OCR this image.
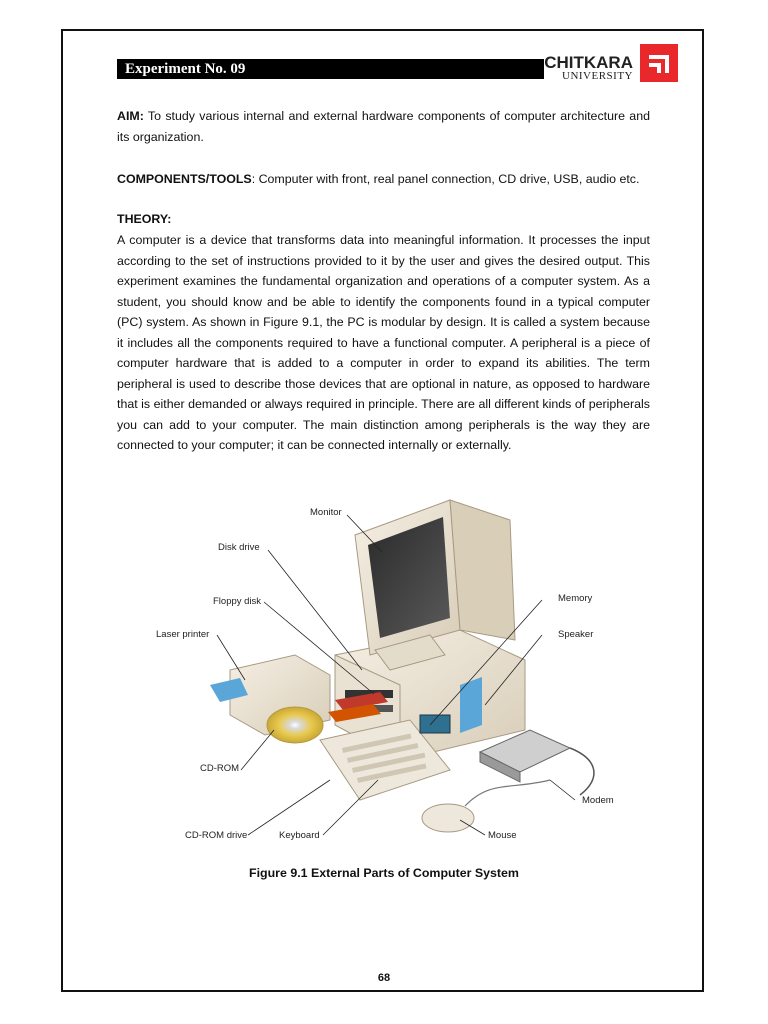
Experiment No. 09	CHITKARA
UNIVERSITY
AIM: To study various internal and external hardware components of computer architecture and its organization.
COMPONENTS/TOOLS: Computer with front, real panel connection, CD drive, USB, audio etc.
THEORY:
A computer is a device that transforms data into meaningful information. It processes the input according to the set of instructions provided to it by the user and gives the desired output. This experiment examines the fundamental organization and operations of a computer system. As a student, you should know and be able to identify the components found in a typical computer (PC) system. As shown in Figure 9.1, the PC is modular by design. It is called a system because it includes all the components required to have a functional computer. A peripheral is a piece of computer hardware that is added to a computer in order to expand its abilities. The term peripheral is used to describe those devices that are optional in nature, as opposed to hardware that is either demanded or always required in principle. There are all different kinds of peripherals you can add to your computer. The main distinction among peripherals is the way they are connected to your computer; it can be connected internally or externally.
Monitor
Disk drive
Floppy disk
Laser printer
CD-ROM
CD-ROM drive	Keyboard	Mouse
Modem
Speaker
Memory
Figure 9.1 External Parts of Computer System
68
